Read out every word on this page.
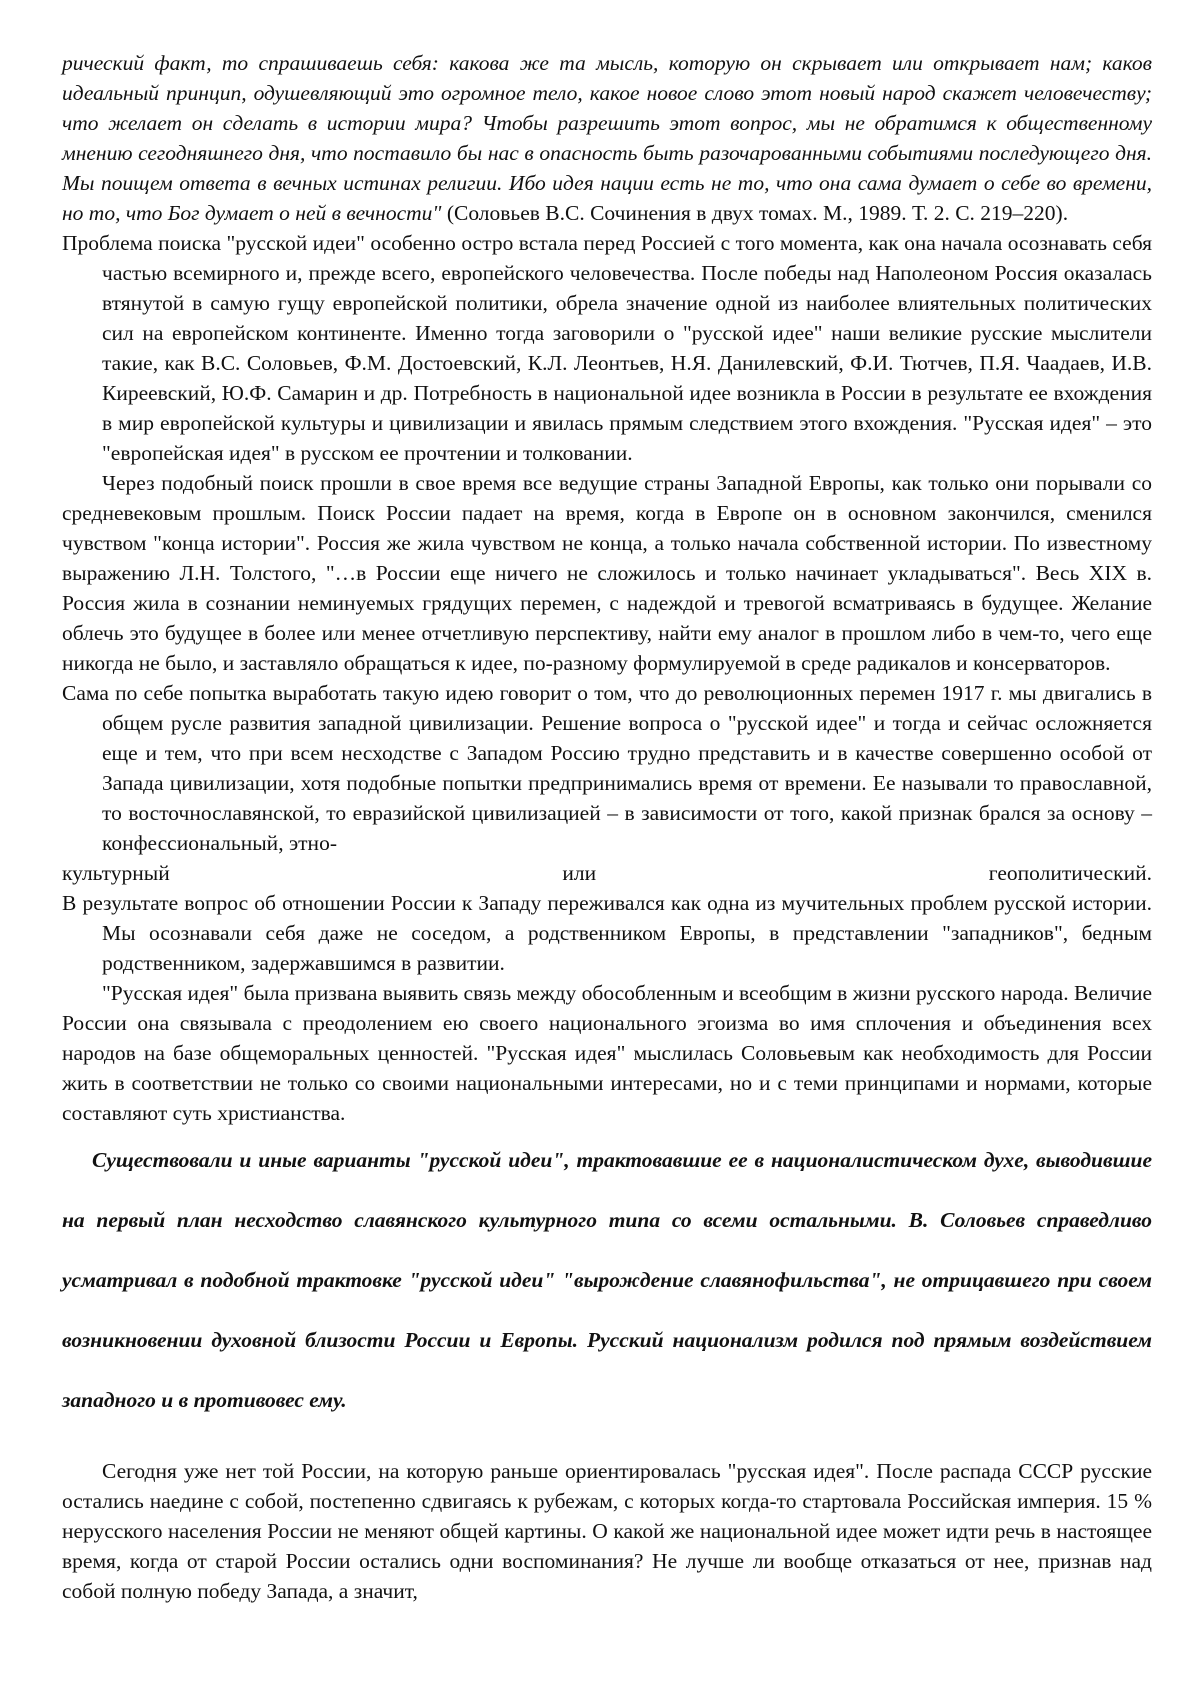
рический факт, то спрашиваешь себя: какова же та мысль, которую он скрывает или открывает нам; каков идеальный принцип, одушевляющий это огромное тело, какое новое слово этот новый народ скажет человечеству; что желает он сделать в истории мира? Чтобы разрешить этот вопрос, мы не обратимся к общественному мнению сегодняшнего дня, что поставило бы нас в опасность быть разочарованными событиями последующего дня. Мы поищем ответа в вечных истинах религии. Ибо идея нации есть не то, что она сама думает о себе во времени, но то, что Бог думает о ней в вечности" (Соловьев В.С. Сочинения в двух томах. М., 1989. Т. 2. С. 219–220).

Проблема поиска "русской идеи" особенно остро встала перед Россией с того момента, как она начала осознавать себя частью всемирного и, прежде всего, европейского человечества. После победы над Наполеоном Россия оказалась втянутой в самую гущу европейской политики, обрела значение одной из наиболее влиятельных политических сил на европейском континенте. Именно тогда заговорили о "русской идее" наши великие русские мыслители такие, как В.С. Соловьев, Ф.М. Достоевский, К.Л. Леонтьев, Н.Я. Данилевский, Ф.И. Тютчев, П.Я. Чаадаев, И.В. Киреевский, Ю.Ф. Самарин и др. Потребность в национальной идее возникла в России в результате ее вхождения в мир европейской культуры и цивилизации и явилась прямым следствием этого вхождения. "Русская идея" – это "европейская идея" в русском ее прочтении и толковании.

Через подобный поиск прошли в свое время все ведущие страны Западной Европы, как только они порывали со средневековым прошлым. Поиск России падает на время, когда в Европе он в основном закончился, сменился чувством "конца истории". Россия же жила чувством не конца, а только начала собственной истории. По известному выражению Л.Н. Толстого, "…в России еще ничего не сложилось и только начинает укладываться". Весь XIX в. Россия жила в сознании неминуемых грядущих перемен, с надеждой и тревогой всматриваясь в будущее. Желание облечь это будущее в более или менее отчетливую перспективу, найти ему аналог в прошлом либо в чем-то, чего еще никогда не было, и заставляло обращаться к идее, по-разному формулируемой в среде радикалов и консерваторов.

Сама по себе попытка выработать такую идею говорит о том, что до революционных перемен 1917 г. мы двигались в общем русле развития западной цивилизации. Решение вопроса о "русской идее" и тогда и сейчас осложняется еще и тем, что при всем несходстве с Западом Россию трудно представить и в качестве совершенно особой от Запада цивилизации, хотя подобные попытки предпринимались время от времени. Ее называли то православной, то восточнославянской, то евразийской цивилизацией – в зависимости от того, какой признак брался за основу – конфессиональный, этно-
культурный или геополитический.
В результате вопрос об отношении России к Западу переживался как одна из мучительных проблем русской истории. Мы осознавали себя даже не соседом, а родственником Европы, в представлении "западников", бедным родственником, задержавшимся в развитии.

"Русская идея" была призвана выявить связь между обособленным и всеобщим в жизни русского народа. Величие России она связывала с преодолением ею своего национального эгоизма во имя сплочения и объединения всех народов на базе общеморальных ценностей. "Русская идея" мыслилась Соловьевым как необходимость для России жить в соответствии не только со своими национальными интересами, но и с теми принципами и нормами, которые составляют суть христианства.

Существовали и иные варианты "русской идеи", трактовавшие ее в националистическом духе, выводившие на первый план несходство славянского культурного типа со всеми остальными. В. Соловьев справедливо усматривал в подобной трактовке "русской идеи" "вырождение славянофильства", не отрицавшего при своем возникновении духовной близости России и Европы. Русский национализм родился под прямым воздействием западного и в противовес ему.

Сегодня уже нет той России, на которую раньше ориентировалась "русская идея". После распада СССР русские остались наедине с собой, постепенно сдвигаясь к рубежам, с которых когда-то стартовала Российская империя. 15 % нерусского населения России не меняют общей картины. О какой же национальной идее может идти речь в настоящее время, когда от старой России остались одни воспоминания? Не лучше ли вообще отказаться от нее, признав над собой полную победу Запада, а значит,
